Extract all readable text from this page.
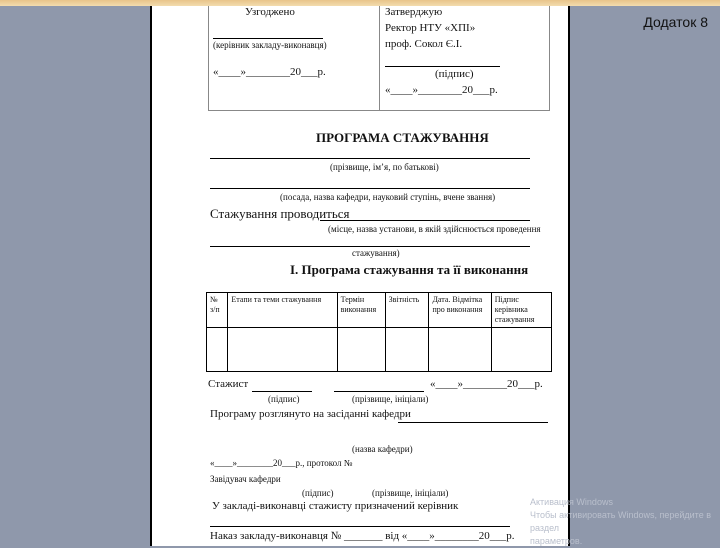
Додаток 8
Узгоджено
(керівник закладу-виконавця)
«____»________20___р.
Затверджую
Ректор НТУ «ХПІ»
проф. Сокол Є.І.
(підпис)
«____»________20___р.
ПРОГРАМА СТАЖУВАННЯ
(прізвище, ім’я, по батькові)
(посада, назва кафедри, науковий ступінь, вчене звання)
Стажування проводиться
(місце, назва установи, в якій здійснюється проведення
стажування)
І. Програма стажування та її виконання
№ з/п	Етапи та теми стажування	Термін виконання	Звітність	Дата. Відмітка про виконання	Підпис керівника стажування

Стажист	«____»________20___р.
(підпис)	(прізвище, ініціали)
Програму розглянуто на засіданні кафедри
(назва кафедри)
«____»________20___р., протокол №
Завідувач кафедри
(підпис)	(прізвище, ініціали)
У закладі-виконавці стажисту призначений керівник
Наказ закладу-виконавця № _______ від «____»________20___р.
Активация Windows
Чтобы активировать Windows, перейдите в раздел
параметров.
